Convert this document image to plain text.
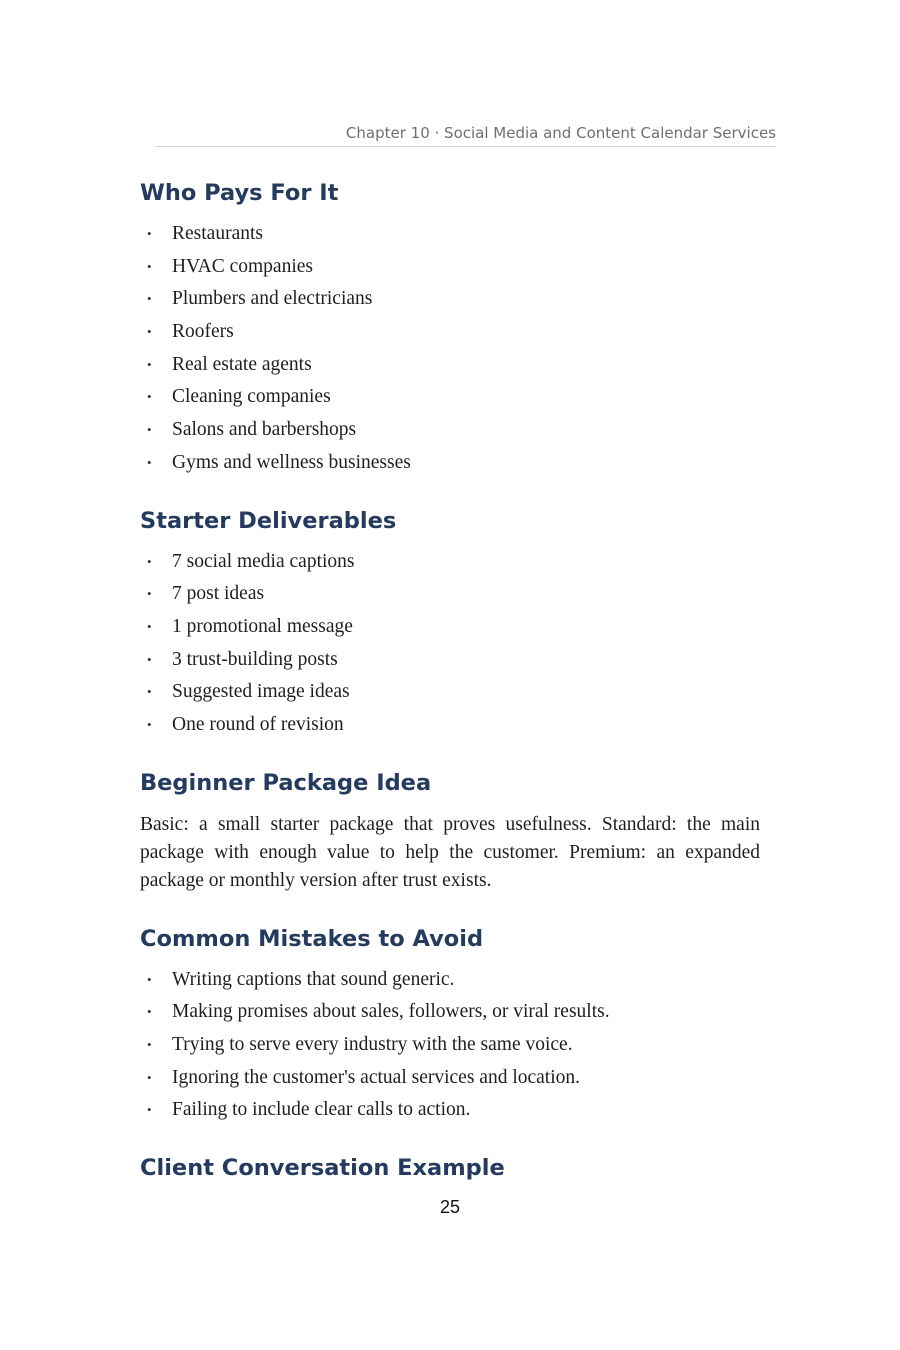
Chapter 10 · Social Media and Content Calendar Services
Who Pays For It
• Restaurants
• HVAC companies
• Plumbers and electricians
• Roofers
• Real estate agents
• Cleaning companies
• Salons and barbershops
• Gyms and wellness businesses
Starter Deliverables
• 7 social media captions
• 7 post ideas
• 1 promotional message
• 3 trust-building posts
• Suggested image ideas
• One round of revision
Beginner Package Idea

Basic: a small starter package that proves usefulness. Standard: the main package with enough value to help the customer. Premium: an expanded package or monthly version after trust exists.

Common Mistakes to Avoid
• Writing captions that sound generic.
• Making promises about sales, followers, or viral results.
• Trying to serve every industry with the same voice.
• Ignoring the customer's actual services and location.
• Failing to include clear calls to action.
Client Conversation Example
25
